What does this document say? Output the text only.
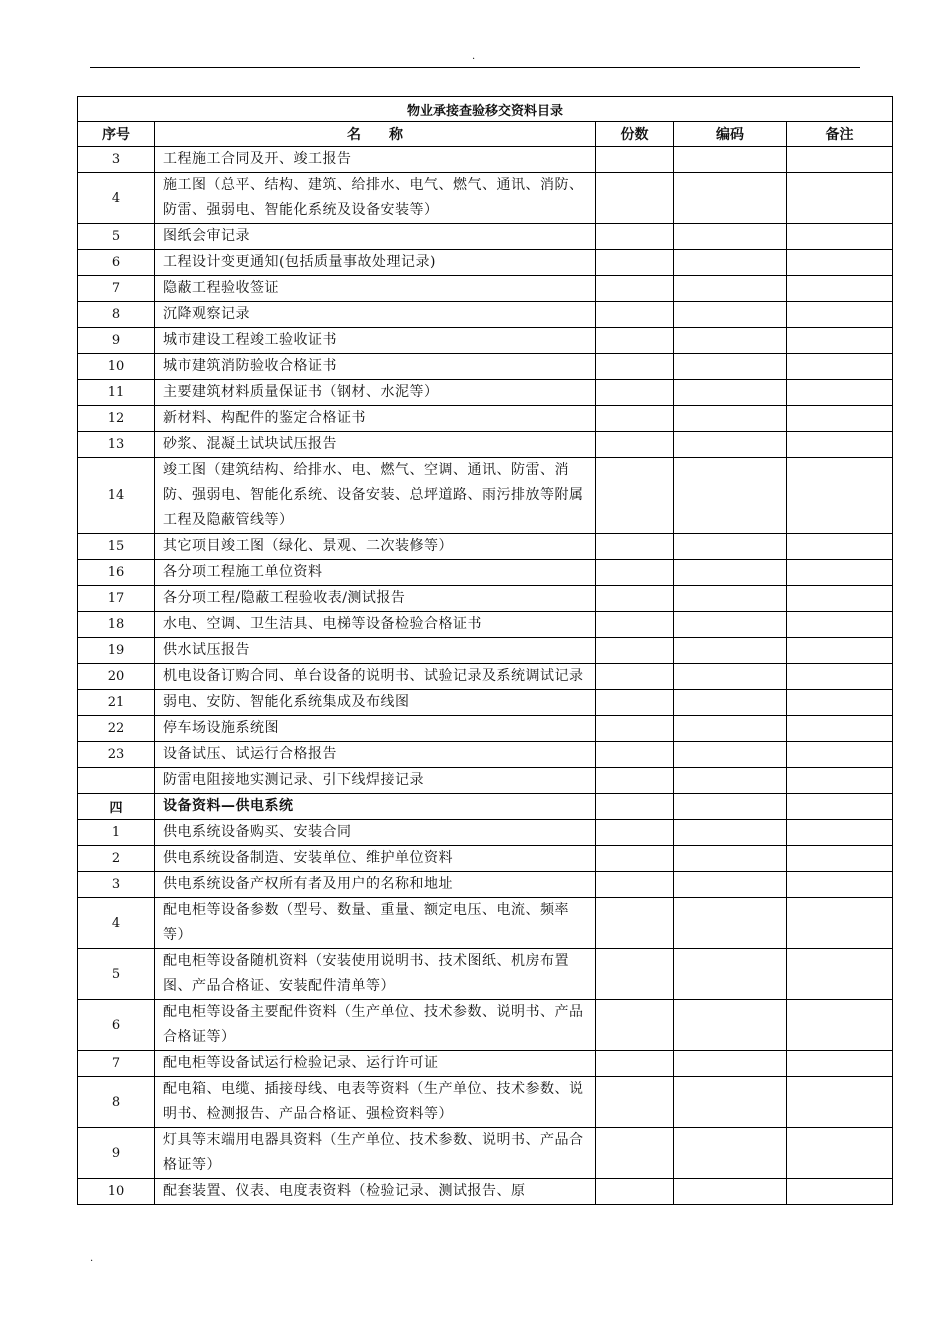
.
物业承接查验移交资料目录				
序号	名　　称	份数	编码	备注
3	工程施工合同及开、竣工报告			
4	施工图（总平、结构、建筑、给排水、电气、燃气、通讯、消防、防雷、强弱电、智能化系统及设备安装等）			
5	图纸会审记录			
6	工程设计变更通知(包括质量事故处理记录)			
7	隐蔽工程验收签证			
8	沉降观察记录			
9	城市建设工程竣工验收证书			
10	城市建筑消防验收合格证书			
11	主要建筑材料质量保证书（钢材、水泥等）			
12	新材料、构配件的鉴定合格证书			
13	砂浆、混凝土试块试压报告			
14	竣工图（建筑结构、给排水、电、燃气、空调、通讯、防雷、消防、强弱电、智能化系统、设备安装、总坪道路、雨污排放等附属工程及隐蔽管线等）			
15	其它项目竣工图（绿化、景观、二次装修等）			
16	各分项工程施工单位资料			
17	各分项工程/隐蔽工程验收表/测试报告			
18	水电、空调、卫生洁具、电梯等设备检验合格证书			
19	供水试压报告			
20	机电设备订购合同、单台设备的说明书、试验记录及系统调试记录			
21	弱电、安防、智能化系统集成及布线图			
22	停车场设施系统图			
23	设备试压、试运行合格报告			
	防雷电阻接地实测记录、引下线焊接记录			
四	设备资料—供电系统			
1	供电系统设备购买、安装合同			
2	供电系统设备制造、安装单位、维护单位资料			
3	供电系统设备产权所有者及用户的名称和地址			
4	配电柜等设备参数（型号、数量、重量、额定电压、电流、频率等）			
5	配电柜等设备随机资料（安装使用说明书、技术图纸、机房布置图、产品合格证、安装配件清单等）			
6	配电柜等设备主要配件资料（生产单位、技术参数、说明书、产品合格证等）			
7	配电柜等设备试运行检验记录、运行许可证			
8	配电箱、电缆、插接母线、电表等资料（生产单位、技术参数、说明书、检测报告、产品合格证、强检资料等）			
9	灯具等末端用电器具资料（生产单位、技术参数、说明书、产品合格证等）			
10	配套装置、仪表、电度表资料（检验记录、测试报告、原			
.
